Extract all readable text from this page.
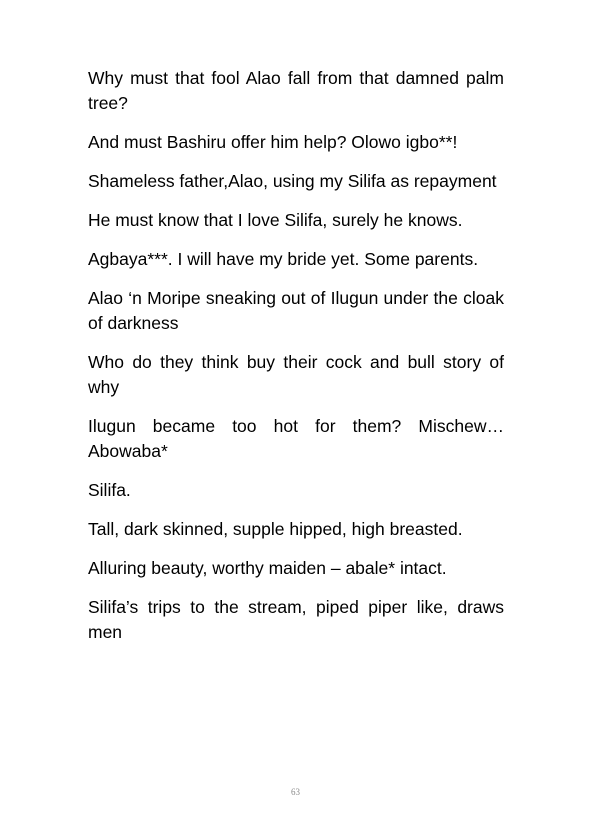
Why must that fool Alao fall from that damned palm tree?

And must Bashiru offer him help? Olowo igbo**!

Shameless father,Alao, using my Silifa as repayment

He must know that I love Silifa, surely he knows.

Agbaya***. I will have my bride yet. Some parents.

Alao ‘n Moripe sneaking out of Ilugun under the cloak of darkness

Who do they think buy their cock and bull story of why

Ilugun became too hot for them? Mischew… Abowaba*

Silifa.

Tall, dark skinned, supple hipped, high breasted.

Alluring beauty, worthy maiden – abale* intact.

Silifa’s trips to the stream, piped piper like, draws men

63
